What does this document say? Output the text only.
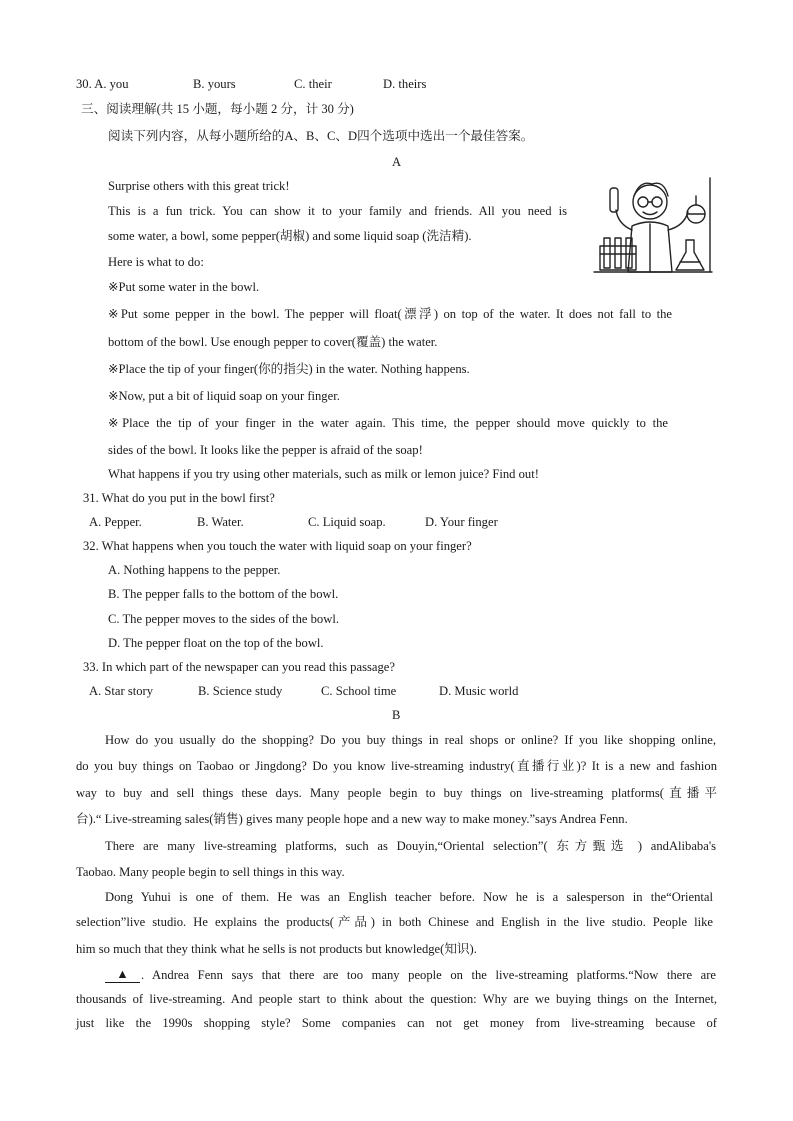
30. A. you	B. yours	C. their	D. theirs
三、阅读理解(共 15 小题，每小题 2 分，计 30 分)
阅读下列内容，从每小题所给的A、B、C、D四个选项中选出一个最佳答案。
A
Surprise others with this great trick!
This is a fun trick. You can show it to your family and friends. All you need is
some water, a bowl, some pepper(胡椒) and some liquid soap (洗洁精).
Here is what to do:
※Put some water in the bowl.
※Put some pepper in the bowl. The pepper will float(漂浮) on top of the water. It does not fall to the
bottom of the bowl. Use enough pepper to cover(覆盖) the water.
※Place the tip of your finger(你的指尖) in the water. Nothing happens.
※Now, put a bit of liquid soap on your finger.
※Place the tip of your finger in the water again. This time, the pepper should move quickly to the
sides of the bowl. It looks like the pepper is afraid of the soap!
What happens if you try using other materials, such as milk or lemon juice? Find out!
31. What do you put in the bowl first?
A. Pepper.	B. Water.	C. Liquid soap.	D. Your finger
32. What happens when you touch the water with liquid soap on your finger?
A. Nothing happens to the pepper.
B. The pepper falls to the bottom of the bowl.
C. The pepper moves to the sides of the bowl.
D. The pepper float on the top of the bowl.
33. In which part of the newspaper can you read this passage?
A. Star story	B. Science study	C. School time	D. Music world
B
How do you usually do the shopping? Do you buy things in real shops or online? If you like shopping online,
do you buy things on Taobao or Jingdong? Do you know live-streaming industry(直播行业)? It is a new and fashion
way to buy and sell things these days. Many people begin to buy things on live-streaming platforms(直播平
台).“ Live-streaming sales(销售) gives many people hope and a new way to make money.”says Andrea Fenn.
There are many live-streaming platforms, such as Douyin,“Oriental selection”( 东方甄选 ) andAlibaba's
Taobao. Many people begin to sell things in this way.
Dong Yuhui is one of them. He was an English teacher before. Now he is a salesperson in the“Oriental
selection”live studio. He explains the products(产品) in both Chinese and English in the live studio. People like
him so much that they think what he sells is not products but knowledge(知识).
▲ . Andrea Fenn says that there are too many people on the live-streaming platforms.“Now there are
thousands of live-streaming. And people start to think about the question: Why are we buying things on the Internet,
just like the 1990s shopping style? Some companies can not get money from live-streaming because of
